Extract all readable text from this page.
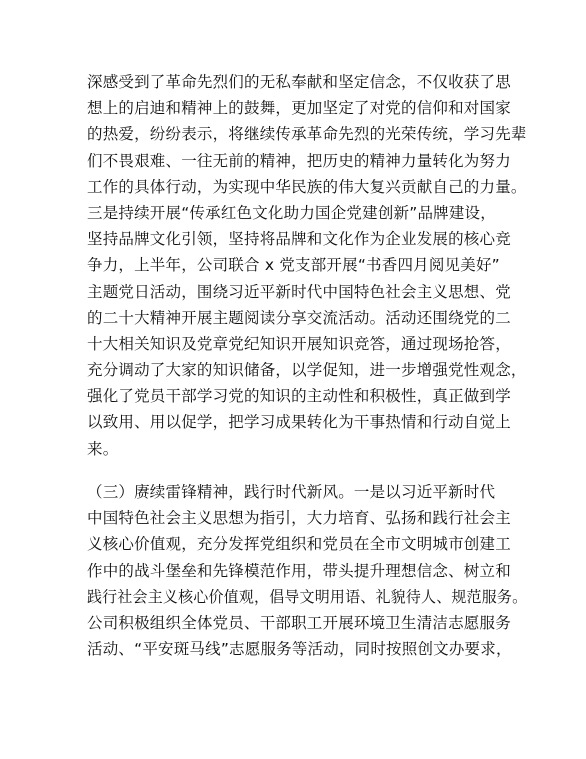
深感受到了革命先烈们的无私奉献和坚定信念，不仅收获了思
想上的启迪和精神上的鼓舞，更加坚定了对党的信仰和对国家
的热爱，纷纷表示，将继续传承革命先烈的光荣传统，学习先辈
们不畏艰难、一往无前的精神，把历史的精神力量转化为努力
工作的具体行动，为实现中华民族的伟大复兴贡献自己的力量。
三是持续开展“传承红色文化助力国企党建创新”品牌建设，
坚持品牌文化引领，坚持将品牌和文化作为企业发展的核心竞
争力，上半年，公司联合 x 党支部开展“书香四月阅见美好”
主题党日活动，围绕习近平新时代中国特色社会主义思想、党
的二十大精神开展主题阅读分享交流活动。活动还围绕党的二
十大相关知识及党章党纪知识开展知识竞答，通过现场抢答，
充分调动了大家的知识储备，以学促知，进一步增强党性观念，
强化了党员干部学习党的知识的主动性和积极性，真正做到学
以致用、用以促学，把学习成果转化为干事热情和行动自觉上
来。
（三）赓续雷锋精神，践行时代新风。一是以习近平新时代
中国特色社会主义思想为指引，大力培育、弘扬和践行社会主
义核心价值观，充分发挥党组织和党员在全市文明城市创建工
作中的战斗堡垒和先锋模范作用，带头提升理想信念、树立和
践行社会主义核心价值观，倡导文明用语、礼貌待人、规范服务。
公司积极组织全体党员、干部职工开展环境卫生清洁志愿服务
活动、“平安斑马线”志愿服务等活动，同时按照创文办要求，
